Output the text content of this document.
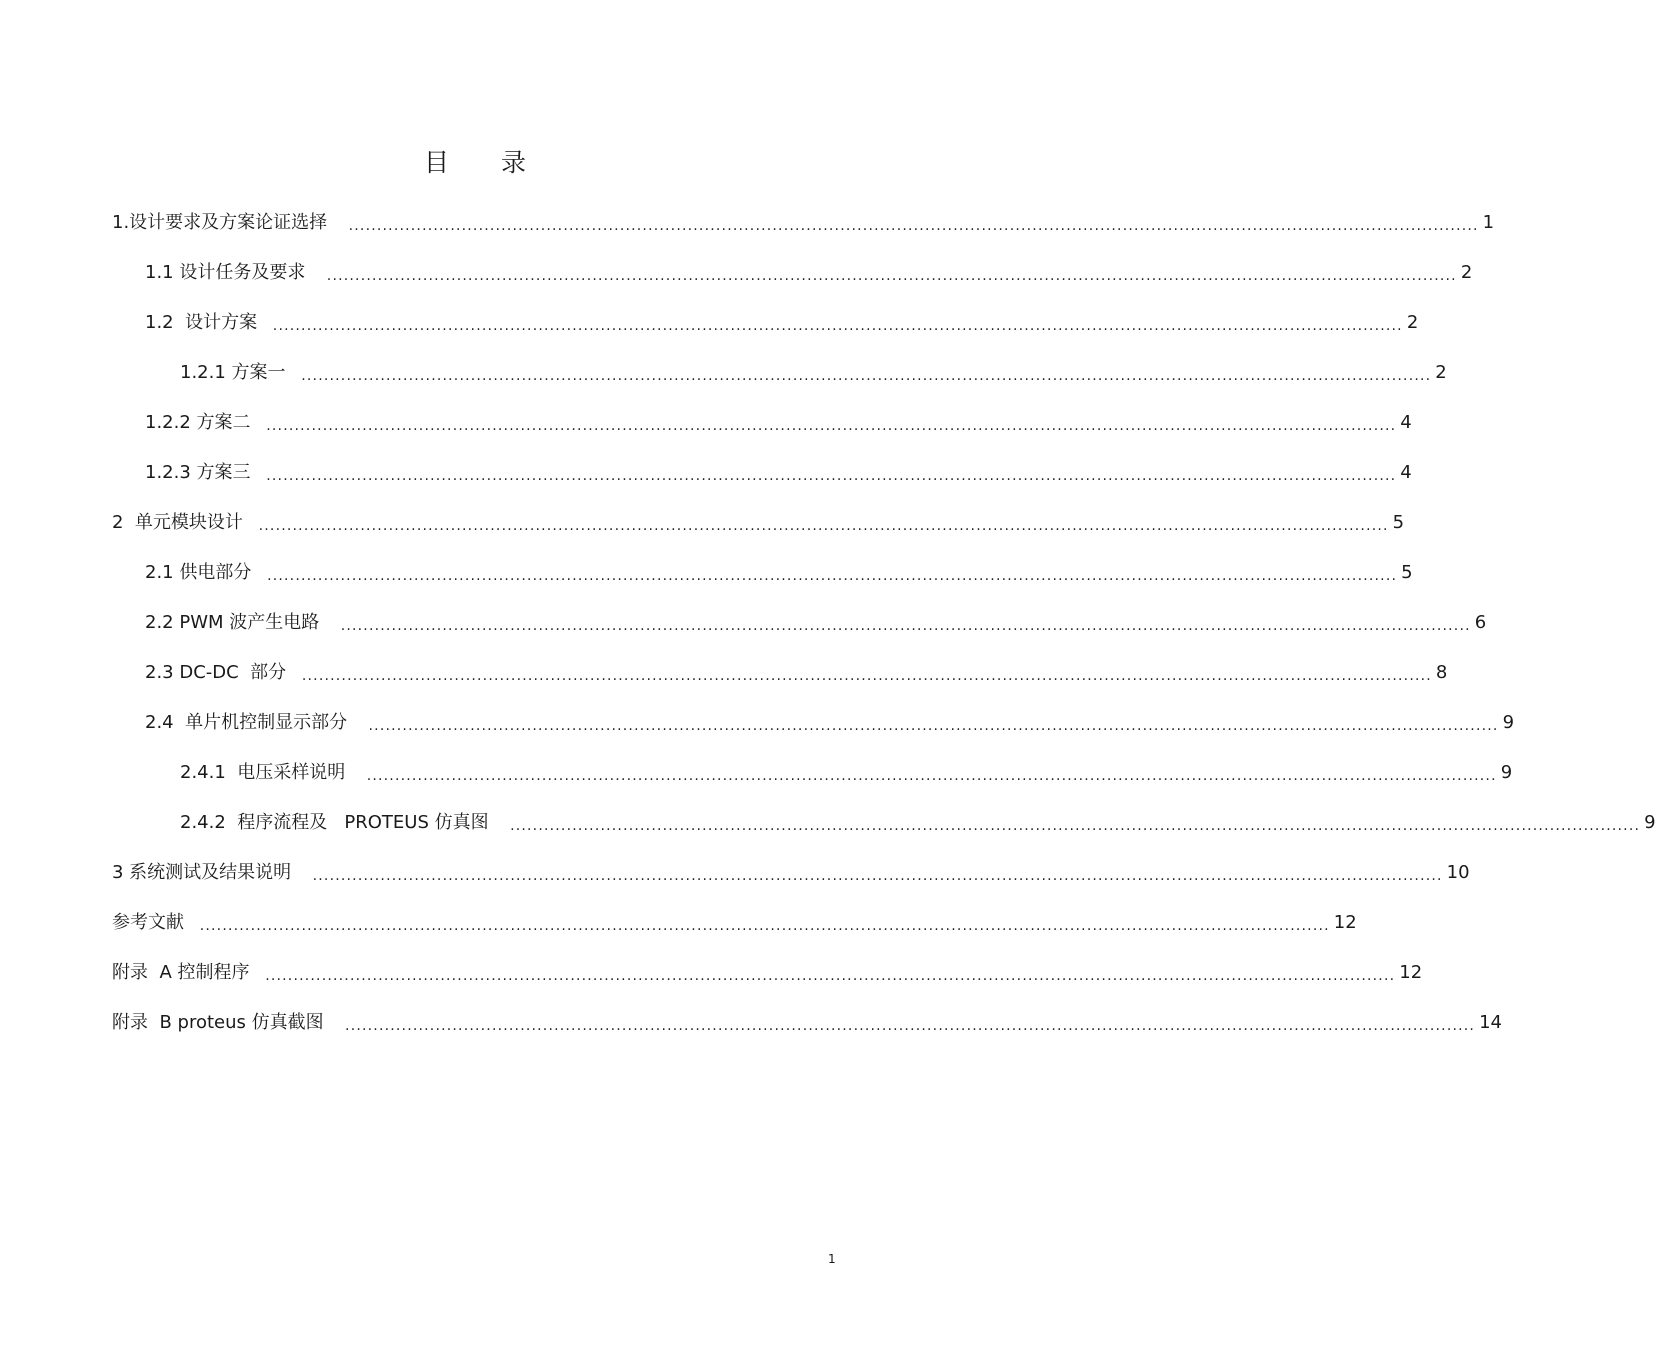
目 录
1.设计要求及方案论证选择 ........................................................................................................................................................................................................ 1
1.1 设计任务及要求 ........................................................................................................................................................................................................ 2
1.2  设计方案 ........................................................................................................................................................................................................ 2
1.2.1 方案一 ........................................................................................................................................................................................................ 2
1.2.2 方案二 ........................................................................................................................................................................................................ 4
1.2.3 方案三 ........................................................................................................................................................................................................ 4
2  单元模块设计 ........................................................................................................................................................................................................ 5
2.1 供电部分 ........................................................................................................................................................................................................ 5
2.2 PWM 波产生电路 ........................................................................................................................................................................................................ 6
2.3 DC-DC  部分 ........................................................................................................................................................................................................ 8
2.4  单片机控制显示部分 ........................................................................................................................................................................................................ 9
2.4.1  电压采样说明 ........................................................................................................................................................................................................ 9
2.4.2  程序流程及   PROTEUS 仿真图 ........................................................................................................................................................................................................ 9
3 系统测试及结果说明 ........................................................................................................................................................................................................ 10
参考文献 ........................................................................................................................................................................................................ 12
附录  A 控制程序 ........................................................................................................................................................................................................ 12
附录  B proteus 仿真截图 ........................................................................................................................................................................................................ 14
1
